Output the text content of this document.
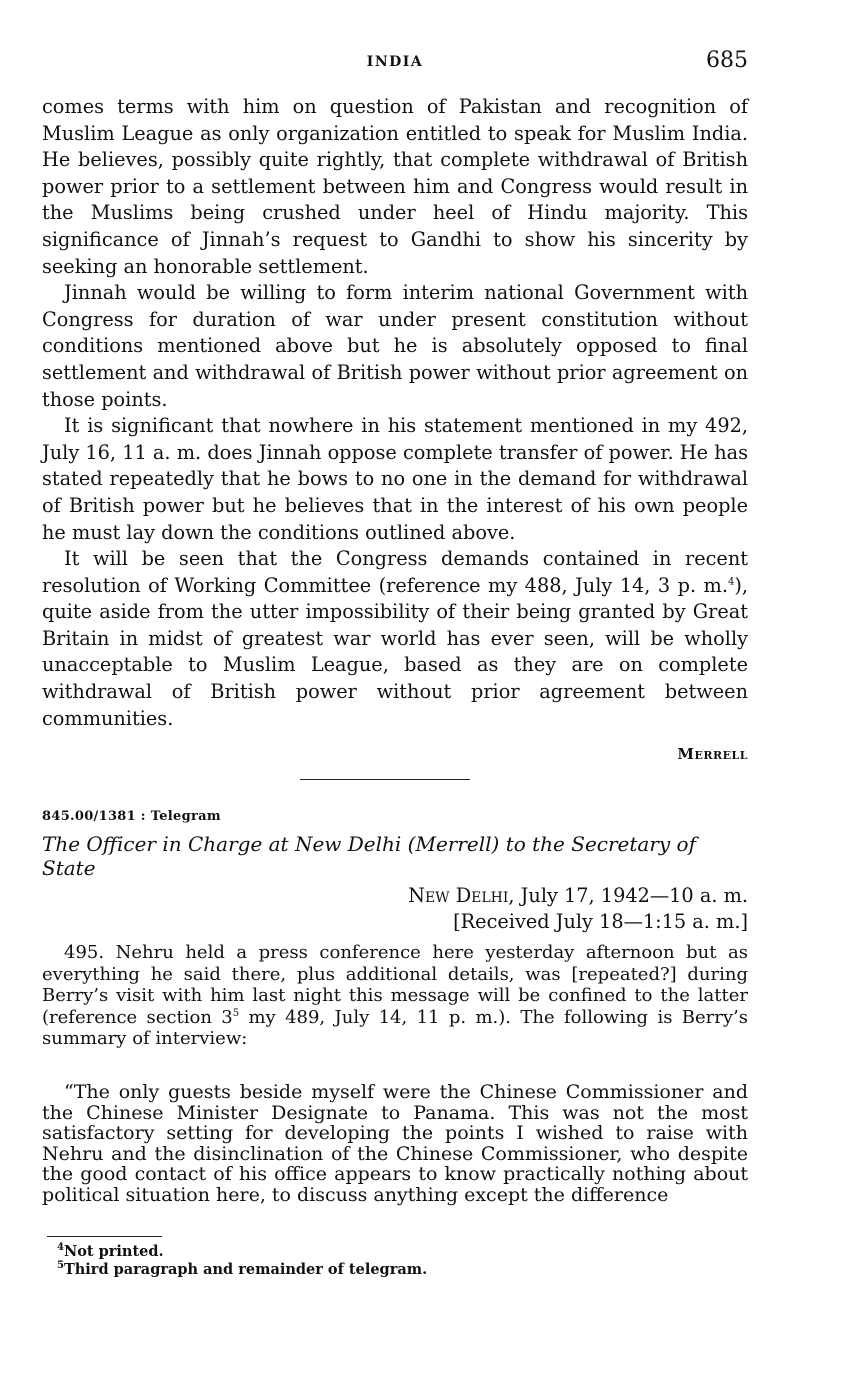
INDIA	685

comes terms with him on question of Pakistan and recognition of Muslim League as only organization entitled to speak for Muslim India. He believes, possibly quite rightly, that complete withdrawal of British power prior to a settlement between him and Congress would result in the Muslims being crushed under heel of Hindu majority. This significance of Jinnah’s request to Gandhi to show his sincerity by seeking an honorable settlement.

Jinnah would be willing to form interim national Government with Congress for duration of war under present constitution without conditions mentioned above but he is absolutely opposed to final settlement and withdrawal of British power without prior agreement on those points.

It is significant that nowhere in his statement mentioned in my 492, July 16, 11 a. m. does Jinnah oppose complete transfer of power. He has stated repeatedly that he bows to no one in the demand for withdrawal of British power but he believes that in the interest of his own people he must lay down the conditions outlined above.

It will be seen that the Congress demands contained in recent resolution of Working Committee (reference my 488, July 14, 3 p. m.$^4$), quite aside from the utter impossibility of their being granted by Great Britain in midst of greatest war world has ever seen, will be wholly unacceptable to Muslim League, based as they are on complete withdrawal of British power without prior agreement between communities.

Merrell
845.00/1381 : Telegram
The Officer in Charge at New Delhi (Merrell) to the Secretary of State
New Delhi, July 17, 1942—10 a. m.
[Received July 18—1:15 a. m.]

495. Nehru held a press conference here yesterday afternoon but as everything he said there, plus additional details, was [repeated?] during Berry’s visit with him last night this message will be confined to the latter (reference section $3^5$ my 489, July 14, 11 p. m.). The following is Berry’s summary of interview:

“The only guests beside myself were the Chinese Commissioner and the Chinese Minister Designate to Panama. This was not the most satisfactory setting for developing the points I wished to raise with Nehru and the disinclination of the Chinese Commissioner, who despite the good contact of his office appears to know practically nothing about political situation here, to discuss anything except the difference

$^4$Not printed.

$^5$Third paragraph and remainder of telegram.
